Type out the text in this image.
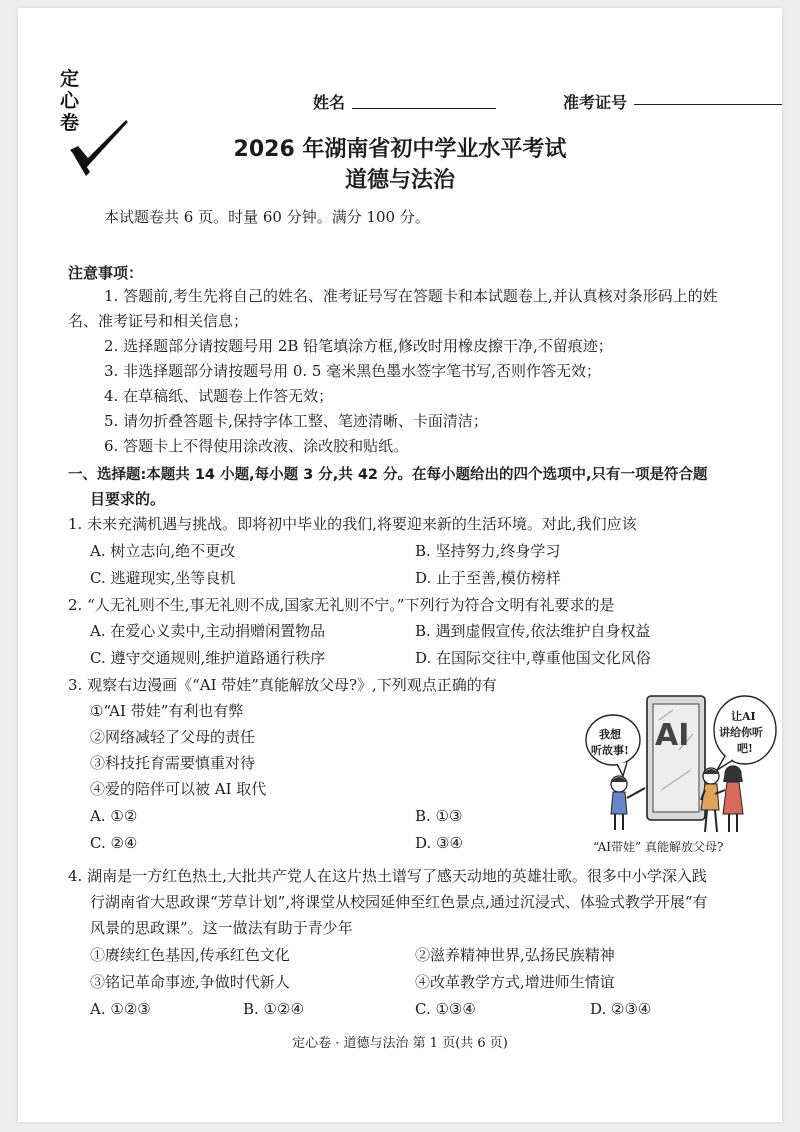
定
心
卷
姓名	准考证号
2026 年湖南省初中学业水平考试
道德与法治
本试题卷共 6 页。时量 60 分钟。满分 100 分。
注意事项：
1. 答题前,考生先将自己的姓名、准考证号写在答题卡和本试题卷上,并认真核对条形码上的姓
名、准考证号和相关信息；
2. 选择题部分请按题号用 2B 铅笔填涂方框,修改时用橡皮擦干净,不留痕迹；
3. 非选择题部分请按题号用 0. 5 毫米黑色墨水签字笔书写,否则作答无效；
4. 在草稿纸、试题卷上作答无效；
5. 请勿折叠答题卡,保持字体工整、笔迹清晰、卡面清洁；
6. 答题卡上不得使用涂改液、涂改胶和贴纸。
一、选择题:本题共 14 小题,每小题 3 分,共 42 分。在每小题给出的四个选项中,只有一项是符合题
目要求的。
1. 未来充满机遇与挑战。即将初中毕业的我们,将要迎来新的生活环境。对此,我们应该
A. 树立志向,绝不更改	B. 坚持努力,终身学习
C. 逃避现实,坐等良机	D. 止于至善,模仿榜样
2. “人无礼则不生,事无礼则不成,国家无礼则不宁。”下列行为符合文明有礼要求的是
A. 在爱心义卖中,主动捐赠闲置物品	B. 遇到虚假宣传,依法维护自身权益
C. 遵守交通规则,维护道路通行秩序	D. 在国际交往中,尊重他国文化风俗
3. 观察右边漫画《“AI 带娃”真能解放父母?》,下列观点正确的有
①“AI 带娃”有利也有弊
②网络减轻了父母的责任
③科技托育需要慎重对待
④爱的陪伴可以被 AI 取代
A. ①②	B. ①③
C. ②④	D. ③④
AI
我想
听故事!
让AI
讲给你听
吧!
“AI带娃” 真能解放父母?
4. 湖南是一方红色热土,大批共产党人在这片热土谱写了感天动地的英雄壮歌。很多中小学深入践
行湖南省大思政课“芳草计划”,将课堂从校园延伸至红色景点,通过沉浸式、体验式教学开展“有
风景的思政课”。这一做法有助于青少年
①赓续红色基因,传承红色文化	②滋养精神世界,弘扬民族精神
③铭记革命事迹,争做时代新人	④改革教学方式,增进师生情谊
A. ①②③	B. ①②④	C. ①③④	D. ②③④
定心卷 · 道德与法治 第 1 页(共 6 页)
